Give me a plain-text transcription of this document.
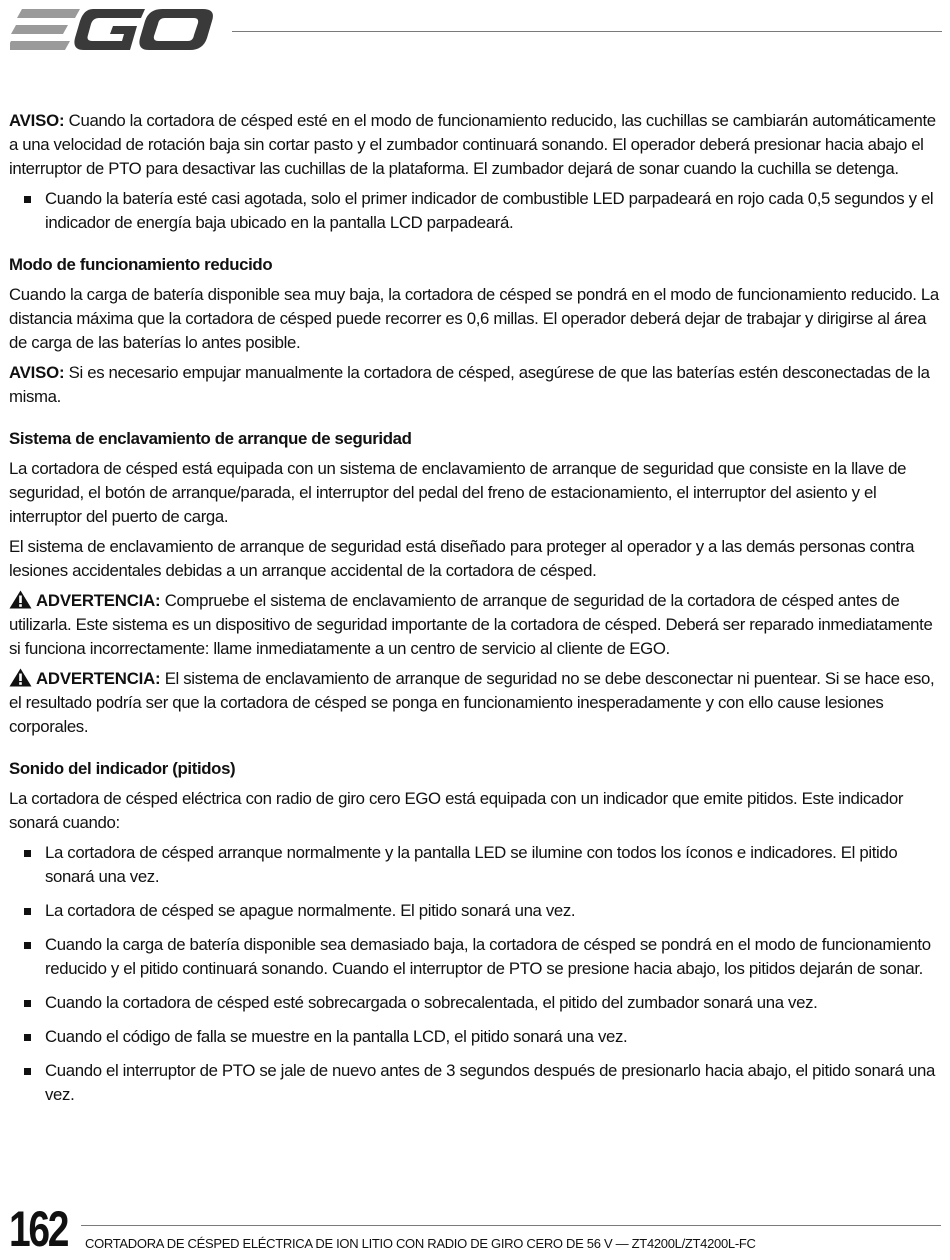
AVISO: Cuando la cortadora de césped esté en el modo de funcionamiento reducido, las cuchillas se cambiarán automáticamente a una velocidad de rotación baja sin cortar pasto y el zumbador continuará sonando. El operador deberá presionar hacia abajo el interruptor de PTO para desactivar las cuchillas de la plataforma. El zumbador dejará de sonar cuando la cuchilla se detenga.

Cuando la batería esté casi agotada, solo el primer indicador de combustible LED parpadeará en rojo cada 0,5 segundos y el indicador de energía baja ubicado en la pantalla LCD parpadeará.
Modo de funcionamiento reducido

Cuando la carga de batería disponible sea muy baja, la cortadora de césped se pondrá en el modo de funcionamiento reducido. La distancia máxima que la cortadora de césped puede recorrer es 0,6 millas. El operador deberá dejar de trabajar y dirigirse al área de carga de las baterías lo antes posible.

AVISO: Si es necesario empujar manualmente la cortadora de césped, asegúrese de que las baterías estén desconectadas de la misma.

Sistema de enclavamiento de arranque de seguridad

La cortadora de césped está equipada con un sistema de enclavamiento de arranque de seguridad que consiste en la llave de seguridad, el botón de arranque/parada, el interruptor del pedal del freno de estacionamiento, el interruptor del asiento y el interruptor del puerto de carga.

El sistema de enclavamiento de arranque de seguridad está diseñado para proteger al operador y a las demás personas contra lesiones accidentales debidas a un arranque accidental de la cortadora de césped.

ADVERTENCIA: Compruebe el sistema de enclavamiento de arranque de seguridad de la cortadora de césped antes de utilizarla. Este sistema es un dispositivo de seguridad importante de la cortadora de césped. Deberá ser reparado inmediatamente si funciona incorrectamente: llame inmediatamente a un centro de servicio al cliente de EGO.

ADVERTENCIA: El sistema de enclavamiento de arranque de seguridad no se debe desconectar ni puentear. Si se hace eso, el resultado podría ser que la cortadora de césped se ponga en funcionamiento inesperadamente y con ello cause lesiones corporales.

Sonido del indicador (pitidos)

La cortadora de césped eléctrica con radio de giro cero EGO está equipada con un indicador que emite pitidos. Este indicador sonará cuando:

La cortadora de césped arranque normalmente y la pantalla LED se ilumine con todos los íconos e indicadores. El pitido sonará una vez.
La cortadora de césped se apague normalmente. El pitido sonará una vez.
Cuando la carga de batería disponible sea demasiado baja, la cortadora de césped se pondrá en el modo de funcionamiento reducido y el pitido continuará sonando. Cuando el interruptor de PTO se presione hacia abajo, los pitidos dejarán de sonar.
Cuando la cortadora de césped esté sobrecargada o sobrecalentada, el pitido del zumbador sonará una vez.
Cuando el código de falla se muestre en la pantalla LCD, el pitido sonará una vez.
Cuando el interruptor de PTO se jale de nuevo antes de 3 segundos después de presionarlo hacia abajo, el pitido sonará una vez.
162 CORTADORA DE CÉSPED ELÉCTRICA DE ION LITIO CON RADIO DE GIRO CERO DE 56 V — ZT4200L/ZT4200L-FC
